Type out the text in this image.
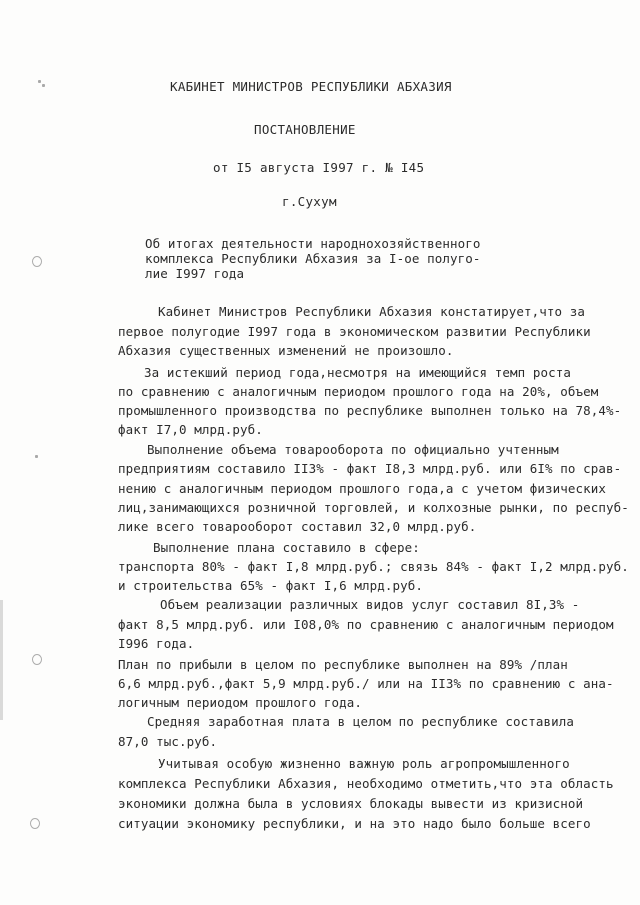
КАБИНЕТ МИНИСТРОВ РЕСПУБЛИКИ АБХАЗИЯ
ПОСТАНОВЛЕНИЕ
от I5 августа I997 г. № I45
г.Сухум
Об итогах деятельности народнохозяйственного
комплекса Республики Абхазия за I-ое полуго-
лие I997 года
Кабинет Министров Республики Абхазия констатирует,что за
первое полугодие I997 года в экономическом развитии Республики
Абхазия существенных изменений не произошло.
За истекший период года,несмотря на имеющийся темп роста
по сравнению с аналогичным периодом прошлого года на 20%, объем
промышленного производства по республике выполнен только на 78,4%-
факт I7,0 млрд.руб.
Выполнение объема товарооборота по официально учтенным
предприятиям составило II3% - факт I8,3 млрд.руб. или 6I% по срав-
нению с аналогичным периодом прошлого года,а с учетом физических
лиц,занимающихся розничной торговлей, и колхозные рынки, по респуб-
лике всего товарооборот составил 32,0 млрд.руб.
Выполнение плана составило в сфере:
транспорта 80% - факт I,8 млрд.руб.; связь 84% - факт I,2 млрд.руб.
и строительства 65% - факт I,6 млрд.руб.
Объем реализации различных видов услуг составил 8I,3% -
факт 8,5 млрд.руб. или I08,0% по сравнению с аналогичным периодом
I996 года.
План по прибыли в целом по республике выполнен на 89% /план
6,6 млрд.руб.,факт 5,9 млрд.руб./ или на II3% по сравнению с ана-
логичным периодом прошлого года.
Средняя заработная плата в целом по республике составила
87,0 тыс.руб.
Учитывая особую жизненно важную роль агропромышленного
комплекса Республики Абхазия, необходимо отметить,что эта область
экономики должна была в условиях блокады вывести из кризисной
ситуации экономику республики, и на это надо было больше всего
